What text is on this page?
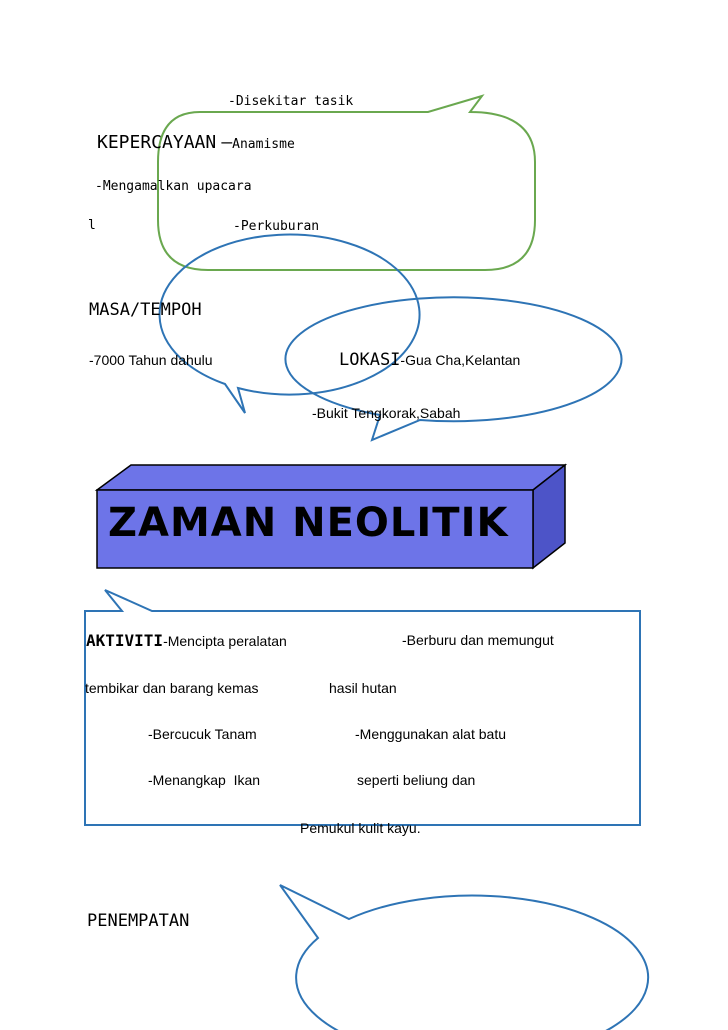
-Disekitar tasik
KEPERCAYAAN –Anamisme
-Mengamalkan upacara
l	-Perkuburan
MASA/TEMPOH
-7000 Tahun dahulu	LOKASI-Gua Cha,Kelantan
-Bukit Tengkorak,Sabah
ZAMAN NEOLITIK
AKTIVITI-Mencipta peralatan	-Berburu dan memungut
tembikar dan barang kemas	hasil hutan
-Bercucuk Tanam	-Menggunakan alat batu
-Menangkap  Ikan	seperti beliung dan
Pemukul kulit kayu.
PENEMPATAN
